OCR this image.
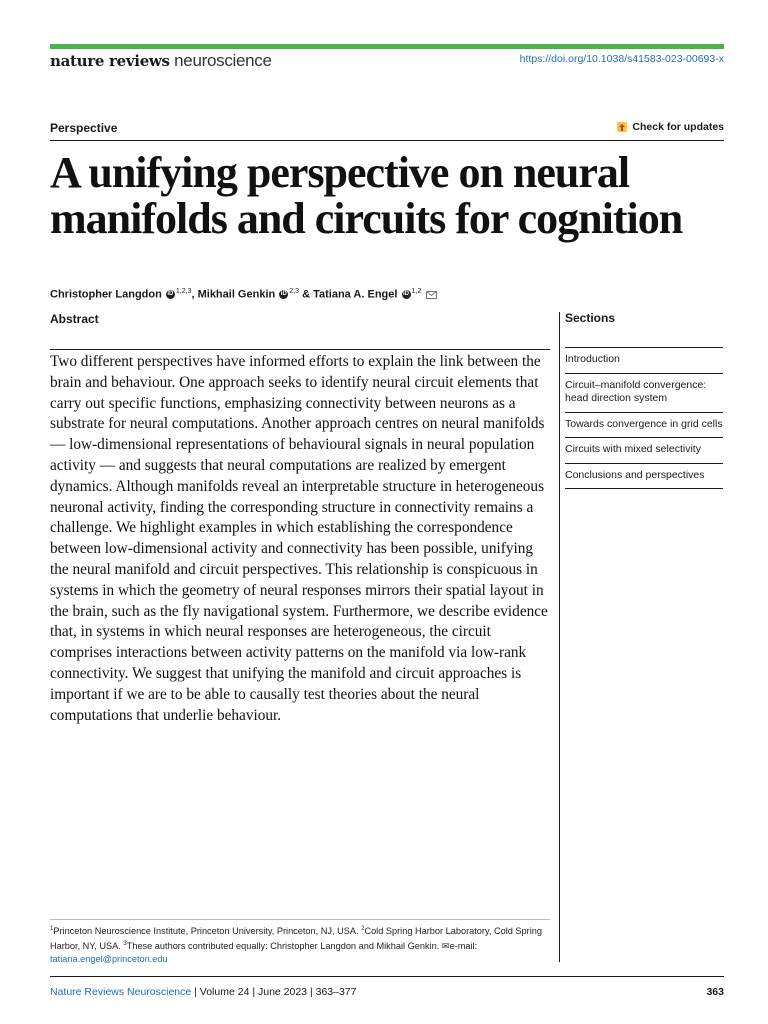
nature reviews neuroscience	https://doi.org/10.1038/s41583-023-00693-x
Perspective	Check for updates
A unifying perspective on neural manifolds and circuits for cognition
Christopher Langdon iD $^{1,2,3}$, Mikhail Genkin iD $^{2,3}$ & Tatiana A. Engel iD $^{1,2}$
Abstract

Two different perspectives have informed efforts to explain the link between the brain and behaviour. One approach seeks to identify neural circuit elements that carry out specific functions, emphasizing connectivity between neurons as a substrate for neural computations. Another approach centres on neural manifolds — low-dimensional representations of behavioural signals in neural population activity — and suggests that neural computations are realized by emergent dynamics. Although manifolds reveal an interpretable structure in heterogeneous neuronal activity, finding the corresponding structure in connectivity remains a challenge. We highlight examples in which establishing the correspondence between low-dimensional activity and connectivity has been possible, unifying the neural manifold and circuit perspectives. This relationship is conspicuous in systems in which the geometry of neural responses mirrors their spatial layout in the brain, such as the fly navigational system. Furthermore, we describe evidence that, in systems in which neural responses are heterogeneous, the circuit comprises interactions between activity patterns on the manifold via low-rank connectivity. We suggest that unifying the manifold and circuit approaches is important if we are to be able to causally test theories about the neural computations that underlie behaviour.

Sections
Introduction
Circuit–manifold convergence: head direction system
Towards convergence in grid cells
Circuits with mixed selectivity
Conclusions and perspectives
$^1$Princeton Neuroscience Institute, Princeton University, Princeton, NJ, USA. $^2$Cold Spring Harbor Laboratory, Cold Spring Harbor, NY, USA. $^3$These authors contributed equally: Christopher Langdon and Mikhail Genkin. ✉e-mail:
tatiana.engel@princeton.edu
Nature Reviews Neuroscience | Volume 24 | June 2023 | 363–377	363
